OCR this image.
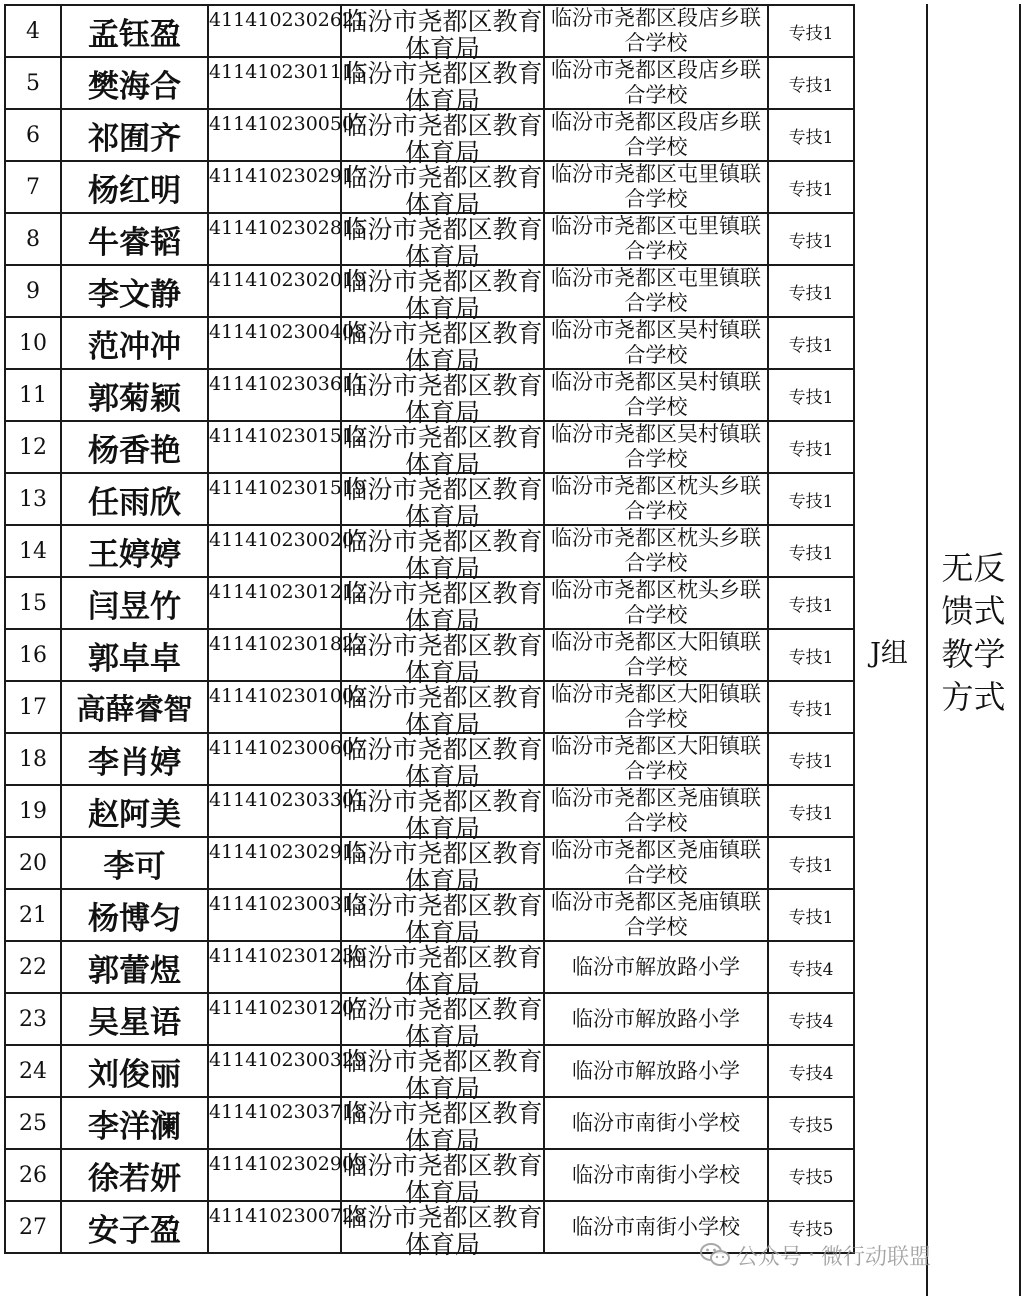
4	孟钰盈	4114102302621	临汾市尧都区教育体育局	临汾市尧都区段店乡联合学校	专技1
5	樊海合	4114102301115	临汾市尧都区教育体育局	临汾市尧都区段店乡联合学校	专技1
6	祁囿齐	4114102300507	临汾市尧都区教育体育局	临汾市尧都区段店乡联合学校	专技1
7	杨红明	4114102302917	临汾市尧都区教育体育局	临汾市尧都区屯里镇联合学校	专技1
8	牛睿韬	4114102302815	临汾市尧都区教育体育局	临汾市尧都区屯里镇联合学校	专技1
9	李文静	4114102302019	临汾市尧都区教育体育局	临汾市尧都区屯里镇联合学校	专技1
10	范冲冲	4114102300408	临汾市尧都区教育体育局	临汾市尧都区吴村镇联合学校	专技1
11	郭菊颖	4114102303611	临汾市尧都区教育体育局	临汾市尧都区吴村镇联合学校	专技1
12	杨香艳	4114102301512	临汾市尧都区教育体育局	临汾市尧都区吴村镇联合学校	专技1
13	任雨欣	4114102301519	临汾市尧都区教育体育局	临汾市尧都区枕头乡联合学校	专技1
14	王婷婷	4114102300207	临汾市尧都区教育体育局	临汾市尧都区枕头乡联合学校	专技1
15	闫昱竹	4114102301212	临汾市尧都区教育体育局	临汾市尧都区枕头乡联合学校	专技1
16	郭卓卓	4114102301822	临汾市尧都区教育体育局	临汾市尧都区大阳镇联合学校	专技1
17	高薛睿智	4114102301002	临汾市尧都区教育体育局	临汾市尧都区大阳镇联合学校	专技1
18	李肖婷	4114102300607	临汾市尧都区教育体育局	临汾市尧都区大阳镇联合学校	专技1
19	赵阿美	4114102303301	临汾市尧都区教育体育局	临汾市尧都区尧庙镇联合学校	专技1
20	李可	4114102302915	临汾市尧都区教育体育局	临汾市尧都区尧庙镇联合学校	专技1
21	杨博匀	4114102300313	临汾市尧都区教育体育局	临汾市尧都区尧庙镇联合学校	专技1
22	郭蕾煜	4114102301230	临汾市尧都区教育体育局	临汾市解放路小学	专技4
23	吴星语	4114102301207	临汾市尧都区教育体育局	临汾市解放路小学	专技4
24	刘俊丽	4114102300329	临汾市尧都区教育体育局	临汾市解放路小学	专技4
25	李洋澜	4114102303718	临汾市尧都区教育体育局	临汾市南街小学校	专技5
26	徐若妍	4114102302909	临汾市尧都区教育体育局	临汾市南街小学校	专技5
27	安子盈	4114102300728	临汾市尧都区教育体育局	临汾市南街小学校	专技5
J组
无反馈式教学方式
公众号 · 微行动联盟
